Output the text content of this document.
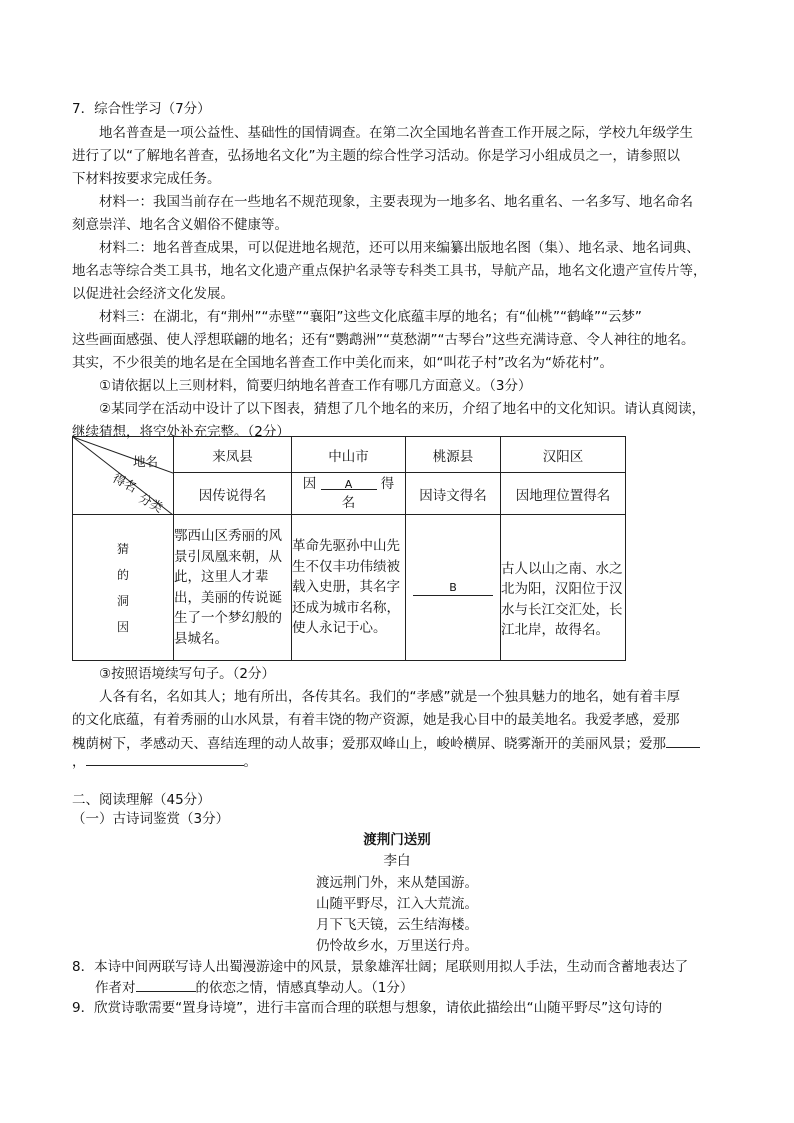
7．综合性学习（7分）
地名普查是一项公益性、基础性的国情调查。在第二次全国地名普查工作开展之际，学校九年级学生
进行了以“了解地名普查，弘扬地名文化”为主题的综合性学习活动。你是学习小组成员之一，请参照以
下材料按要求完成任务。
材料一：我国当前存在一些地名不规范现象，主要表现为一地多名、地名重名、一名多写、地名命名
刻意崇洋、地名含义媚俗不健康等。
材料二：地名普查成果，可以促进地名规范，还可以用来编纂出版地名图（集）、地名录、地名词典、
地名志等综合类工具书，地名文化遗产重点保护名录等专科类工具书，导航产品，地名文化遗产宣传片等，
以促进社会经济文化发展。
材料三：在湖北，有“荆州”“赤壁”“襄阳”这些文化底蕴丰厚的地名；有“仙桃”“鹤峰”“云梦”
这些画面感强、使人浮想联翩的地名；还有“鹦鹉洲”“莫愁湖”“古琴台”这些充满诗意、令人神往的地名。
其实，不少很美的地名是在全国地名普查工作中美化而来，如“叫花子村”改名为“娇花村”。
①请依据以上三则材料，简要归纳地名普查工作有哪几方面意义。（3分）
②某同学在活动中设计了以下图表，猜想了几个地名的来历，介绍了地名中的文化知识。请认真阅读，
继续猜想，将空处补充完整。（2分）
地名
得名
分类	来凤县	中山市	桃源县	汉阳区
	因传说得名	因 A 得
名	因诗文得名	因地理位置得名

猜
的
洞
因	鄂西山区秀丽的风景引凤凰来朝，从此，这里人才辈出，美丽的传说诞生了一个梦幻般的县城名。	革命先驱孙中山先生不仅丰功伟绩被载入史册，其名字还成为城市名称，使人永记于心。	B	古人以山之南、水之北为阳，汉阳位于汉水与长江交汇处，长江北岸，故得名。
③按照语境续写句子。（2分）
人各有名，名如其人；地有所出，各传其名。我们的“孝感”就是一个独具魅力的地名，她有着丰厚
的文化底蕴，有着秀丽的山水风景，有着丰饶的物产资源，她是我心目中的最美地名。我爱孝感，爱那
槐荫树下，孝感动天、喜结连理的动人故事；爱那双峰山上，峻岭横屏、晓雾渐开的美丽风景；爱那
，	。
二、阅读理解（45分）
（一）古诗词鉴赏（3分）
渡荆门送别
李白
渡远荆门外，来从楚国游。
山随平野尽，江入大荒流。
月下飞天镜，云生结海楼。
仍怜故乡水，万里送行舟。
8．本诗中间两联写诗人出蜀漫游途中的风景，景象雄浑壮阔；尾联则用拟人手法，生动而含蓄地表达了
作者对	的依恋之情，情感真挚动人。（1分）
9．欣赏诗歌需要“置身诗境”，进行丰富而合理的联想与想象，请依此描绘出“山随平野尽”这句诗的
